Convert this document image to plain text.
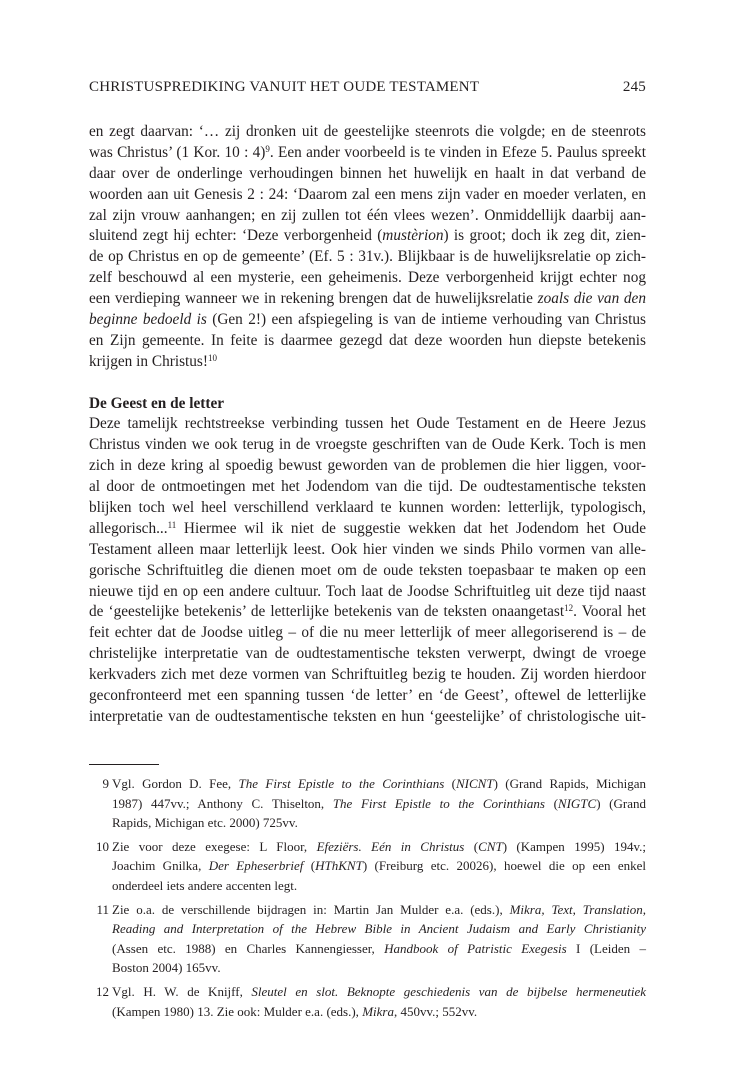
CHRISTUSPREDIKING VANUIT HET OUDE TESTAMENT	245
en zegt daarvan: ‘… zij dronken uit de geestelijke steenrots die volgde; en de steenrots
was Christus’ (1 Kor. 10 : 4)$^9$. Een ander voorbeeld is te vinden in Efeze 5. Paulus spreekt
daar over de onderlinge verhoudingen binnen het huwelijk en haalt in dat verband de
woorden aan uit Genesis 2 : 24: ‘Daarom zal een mens zijn vader en moeder verlaten, en
zal zijn vrouw aanhangen; en zij zullen tot één vlees wezen’. Onmiddellijk daarbij aan-
sluitend zegt hij echter: ‘Deze verborgenheid (mustèrion) is groot; doch ik zeg dit, zien-
de op Christus en op de gemeente’ (Ef. 5 : 31v.). Blijkbaar is de huwelijksrelatie op zich-
zelf beschouwd al een mysterie, een geheimenis. Deze verborgenheid krijgt echter nog
een verdieping wanneer we in rekening brengen dat de huwelijksrelatie zoals die van den
beginne bedoeld is (Gen 2!) een afspiegeling is van de intieme verhouding van Christus
en Zijn gemeente. In feite is daarmee gezegd dat deze woorden hun diepste betekenis
krijgen in Christus!$^{10}$
De Geest en de letter
Deze tamelijk rechtstreekse verbinding tussen het Oude Testament en de Heere Jezus
Christus vinden we ook terug in de vroegste geschriften van de Oude Kerk. Toch is men
zich in deze kring al spoedig bewust geworden van de problemen die hier liggen, voor-
al door de ontmoetingen met het Jodendom van die tijd. De oudtestamentische teksten
blijken toch wel heel verschillend verklaard te kunnen worden: letterlijk, typologisch,
allegorisch...$^{11}$ Hiermee wil ik niet de suggestie wekken dat het Jodendom het Oude
Testament alleen maar letterlijk leest. Ook hier vinden we sinds Philo vormen van alle-
gorische Schriftuitleg die dienen moet om de oude teksten toepasbaar te maken op een
nieuwe tijd en op een andere cultuur. Toch laat de Joodse Schriftuitleg uit deze tijd naast
de ‘geestelijke betekenis’ de letterlijke betekenis van de teksten onaangetast$^{12}$. Vooral het
feit echter dat de Joodse uitleg – of die nu meer letterlijk of meer allegoriserend is – de
christelijke interpretatie van de oudtestamentische teksten verwerpt, dwingt de vroege
kerkvaders zich met deze vormen van Schriftuitleg bezig te houden. Zij worden hierdoor
geconfronteerd met een spanning tussen ‘de letter’ en ‘de Geest’, oftewel de letterlijke
interpretatie van de oudtestamentische teksten en hun ‘geestelijke’ of christologische uit-
9 Vgl. Gordon D. Fee, The First Epistle to the Corinthians (NICNT) (Grand Rapids, Michigan
1987) 447vv.; Anthony C. Thiselton, The First Epistle to the Corinthians (NIGTC) (Grand
Rapids, Michigan etc. 2000) 725vv.
10 Zie voor deze exegese: L Floor, Efeziërs. Eén in Christus (CNT) (Kampen 1995) 194v.;
Joachim Gnilka, Der Epheserbrief (HThKNT) (Freiburg etc. 20026), hoewel die op een enkel
onderdeel iets andere accenten legt.
11 Zie o.a. de verschillende bijdragen in: Martin Jan Mulder e.a. (eds.), Mikra, Text, Translation,
Reading and Interpretation of the Hebrew Bible in Ancient Judaism and Early Christianity
(Assen etc. 1988) en Charles Kannengiesser, Handbook of Patristic Exegesis I (Leiden –
Boston 2004) 165vv.
12 Vgl. H. W. de Knijff, Sleutel en slot. Beknopte geschiedenis van de bijbelse hermeneutiek
(Kampen 1980) 13. Zie ook: Mulder e.a. (eds.), Mikra, 450vv.; 552vv.
